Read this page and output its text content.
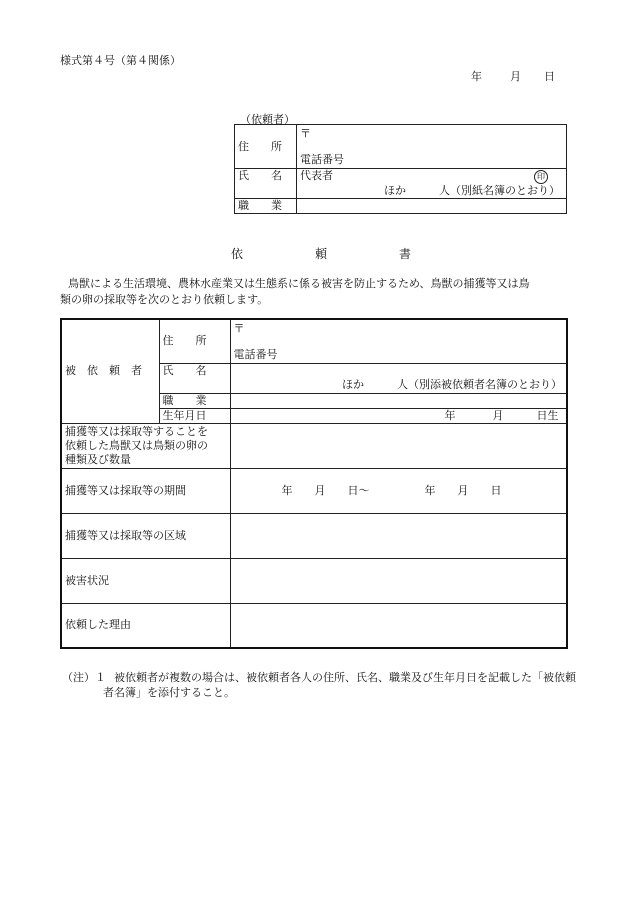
様式第４号（第４関係）
年	月 日
（依頼者）
住　　所	〒
電話番号

氏　　名	代表者 印
ほか　　　人（別紙名簿のとおり）

職　　業	
依　　　　　　頼　　　　　　書
鳥獣による生活環境、農林水産業又は生態系に係る被害を防止するため、鳥獣の捕獲等又は鳥
類の卵の採取等を次のとおり依頼します。
被　依　頼　者	住　　所	〒
電話番号

	氏　　名	ほか　　　人（別添被依頼者名簿のとおり）

	職　　業	
	生年月日	年 月 日生

捕獲等又は採取等することを
依頼した鳥獣又は鳥類の卵の
種類及び数量		

捕獲等又は採取等の期間		年　　月　　日～　　　　　年　　月　　日
捕獲等又は採取等の区域		
被害状況		
依頼した理由		
（注）１ 被依頼者が複数の場合は、被依頼者各人の住所、氏名、職業及び生年月日を記載した「被依頼
者名簿」を添付すること。
